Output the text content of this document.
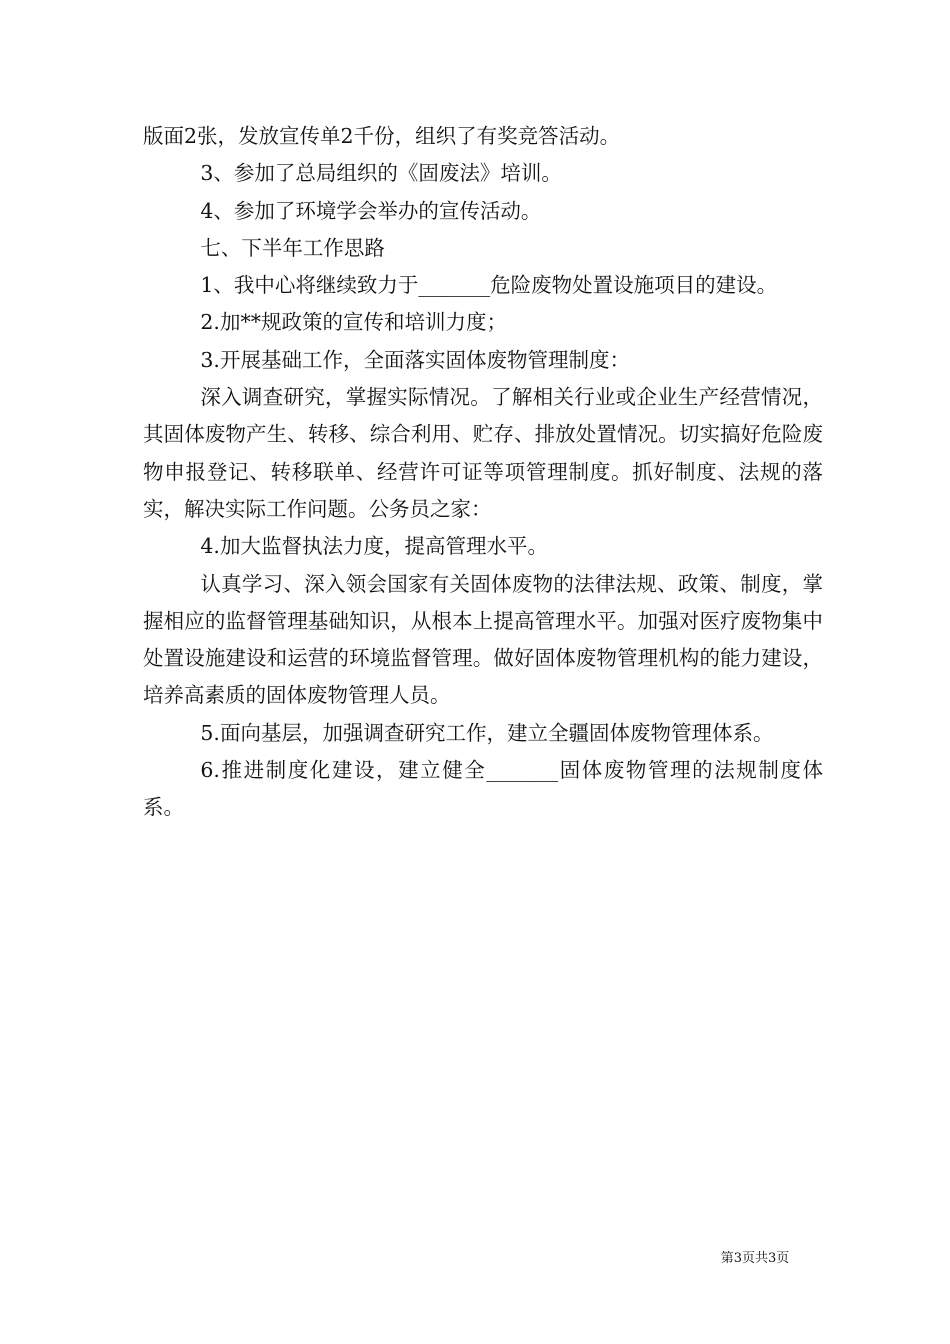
版面2张，发放宣传单2千份，组织了有奖竞答活动。

3、参加了总局组织的《固废法》培训。

4、参加了环境学会举办的宣传活动。

七、下半年工作思路

1、我中心将继续致力于_______危险废物处置设施项目的建设。

2.加**规政策的宣传和培训力度；

3.开展基础工作，全面落实固体废物管理制度：

深入调查研究，掌握实际情况。了解相关行业或企业生产经营情况，其固体废物产生、转移、综合利用、贮存、排放处置情况。切实搞好危险废物申报登记、转移联单、经营许可证等项管理制度。抓好制度、法规的落实，解决实际工作问题。公务员之家：

4.加大监督执法力度，提高管理水平。

认真学习、深入领会国家有关固体废物的法律法规、政策、制度，掌握相应的监督管理基础知识，从根本上提高管理水平。加强对医疗废物集中处置设施建设和运营的环境监督管理。做好固体废物管理机构的能力建设，培养高素质的固体废物管理人员。

5.面向基层，加强调查研究工作，建立全疆固体废物管理体系。

6.推进制度化建设，建立健全_______固体废物管理的法规制度体系。

第3页共3页
